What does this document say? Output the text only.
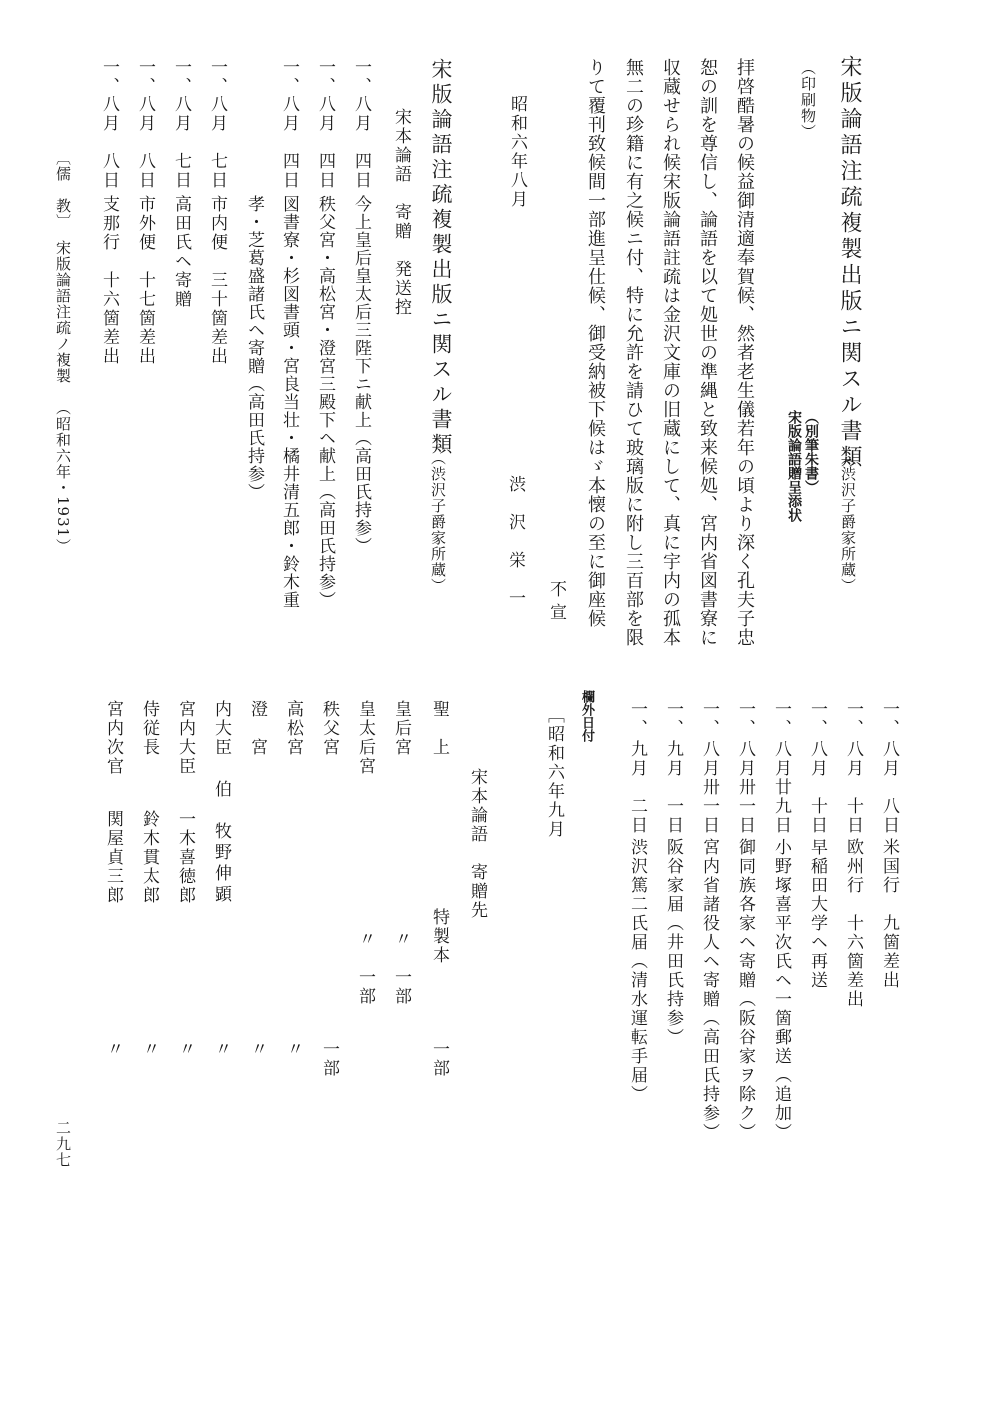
宋版論語注疏複製出版ニ関スル書類
（渋沢子爵家所蔵）
（印刷物）
（別筆朱書）
宋版論語贈呈添状
拝啓酷暑の候益御清適奉賀候、然者老生儀若年の頃より深く孔夫子忠
恕の訓を尊信し、論語を以て処世の準縄と致来候処、宮内省図書寮に
収蔵せられ候宋版論語註疏は金沢文庫の旧蔵にして、真に宇内の孤本
無二の珍籍に有之候ニ付、特に允許を請ひて玻璃版に附し三百部を限
りて覆刊致候間一部進呈仕候、御受納被下候はゞ本懐の至に御座候
不宣
昭和六年八月
渋　沢　栄　一
宋版論語注疏複製出版ニ関スル書類
（渋沢子爵家所蔵）
宋本論語　寄贈　発送控
一、
八月　四日
今上皇后皇太后三陛下ニ献上（高田氏持参）
一、
八月　四日
秩父宮・高松宮・澄宮三殿下ヘ献上（高田氏持参）
一、
八月　四日
図書寮・杉図書頭・宮良当壮・橘井清五郎・鈴木重
孝・芝葛盛諸氏ヘ寄贈（高田氏持参）
一、
八月　七日
市内便　三十箇差出
一、
八月　七日
高田氏ヘ寄贈
一、
八月　八日
市外便　十七箇差出
一、
八月　八日
支那行　十六箇差出
一、
八月　八日
米国行　九箇差出
一、
八月　十日
欧州行　十六箇差出
一、
八月　十日
早稲田大学ヘ再送
一、
八月廿九日
小野塚喜平次氏ヘ一箇郵送（追加）
一、
八月卅一日
御同族各家ヘ寄贈（阪谷家ヲ除ク）
一、
八月卅一日
宮内省諸役人ヘ寄贈（高田氏持参）
一、
九月　一日
阪谷家届（井田氏持参）
一、
九月　二日
渋沢篤二氏届（清水運転手届）
欄外日付
［昭和六年九月
宋本論語　寄贈先
特製本
聖　上
一部
皇后宮
〃　一部
皇太后宮
〃　一部
秩父宮
一部
高松宮
〃
澄　宮
〃
内大臣
伯　牧野伸顕
〃
宮内大臣
一木喜徳郎
〃
侍従長
鈴木貫太郎
〃
宮内次官
関屋貞三郎
〃
〔儒　教〕
宋版論語注疏ノ複製
（昭和六年・1931）
二九七
